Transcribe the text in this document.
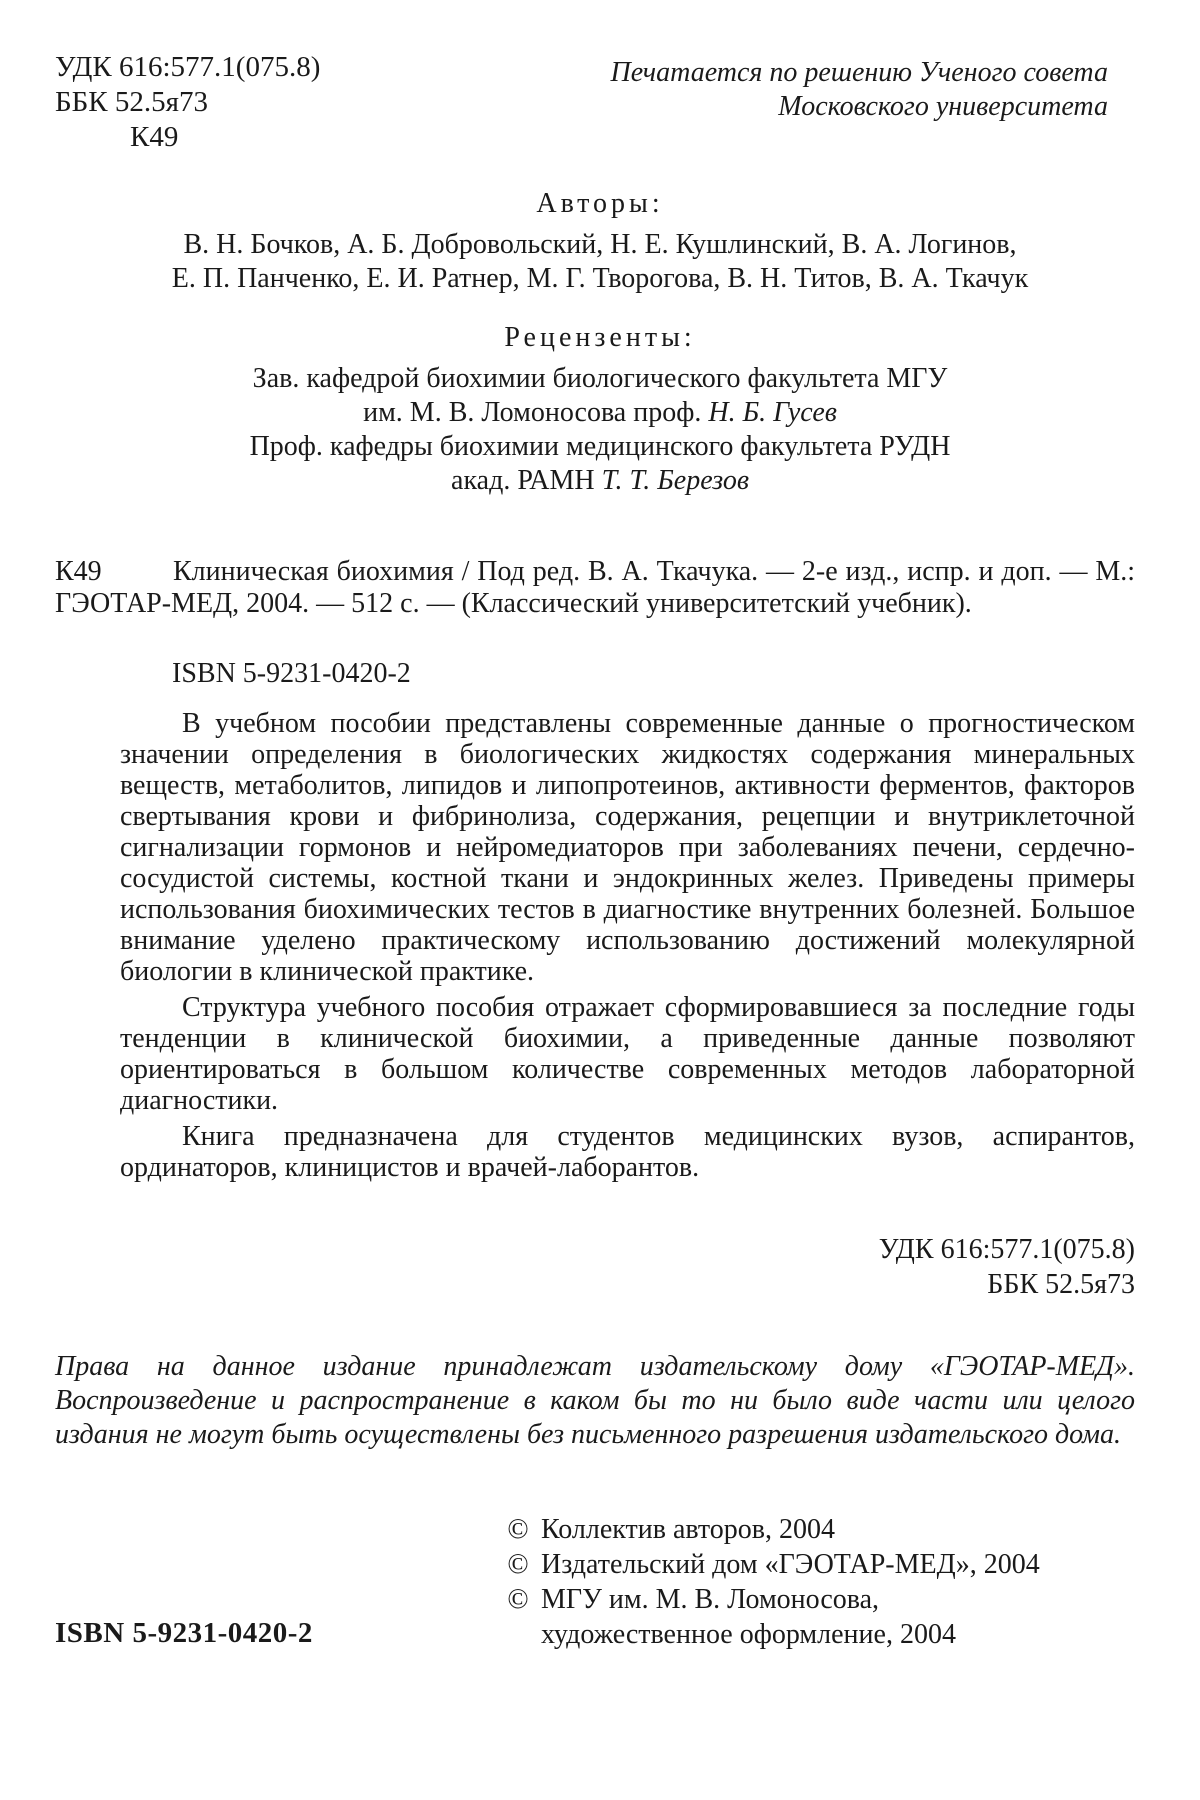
УДК 616:577.1(075.8)
ББК 52.5я73
К49
Печатается по решению Ученого совета Московского университета
Авторы:
В. Н. Бочков, А. Б. Добровольский, Н. Е. Кушлинский, В. А. Логинов,
Е. П. Панченко, Е. И. Ратнер, М. Г. Творогова, В. Н. Титов, В. А. Ткачук
Рецензенты:
Зав. кафедрой биохимии биологического факультета МГУ
им. М. В. Ломоносова проф. Н. Б. Гусев
Проф. кафедры биохимии медицинского факультета РУДН
акад. РАМН Т. Т. Березов
К49	Клиническая биохимия / Под ред. В. А. Ткачука. — 2-е изд., испр. и доп. — М.: ГЭОТАР-МЕД, 2004. — 512 с. — (Классический университетский учебник).
ISBN 5-9231-0420-2

В учебном пособии представлены современные данные о прогностическом значении определения в биологических жидкостях содержания минеральных веществ, метаболитов, липидов и липопротеинов, активности ферментов, факторов свертывания крови и фибринолиза, содержания, рецепции и внутриклеточной сигнализации гормонов и нейромедиаторов при заболеваниях печени, сердечно-сосудистой системы, костной ткани и эндокринных желез. Приведены примеры использования биохимических тестов в диагностике внутренних болезней. Большое внимание уделено практическому использованию достижений молекулярной биологии в клинической практике.

Структура учебного пособия отражает сформировавшиеся за последние годы тенденции в клинической биохимии, а приведенные данные позволяют ориентироваться в большом количестве современных методов лабораторной диагностики.

Книга предназначена для студентов медицинских вузов, аспирантов, ординаторов, клиницистов и врачей-лаборантов.

УДК 616:577.1(075.8)
ББК 52.5я73
Права на данное издание принадлежат издательскому дому «ГЭОТАР-МЕД». Воспроизведение и распространение в каком бы то ни было виде части или целого издания не могут быть осуществлены без письменного разрешения издательского дома.
© Коллектив авторов, 2004
© Издательский дом «ГЭОТАР-МЕД», 2004
© МГУ им. М. В. Ломоносова,
художественное оформление, 2004
ISBN 5-9231-0420-2
